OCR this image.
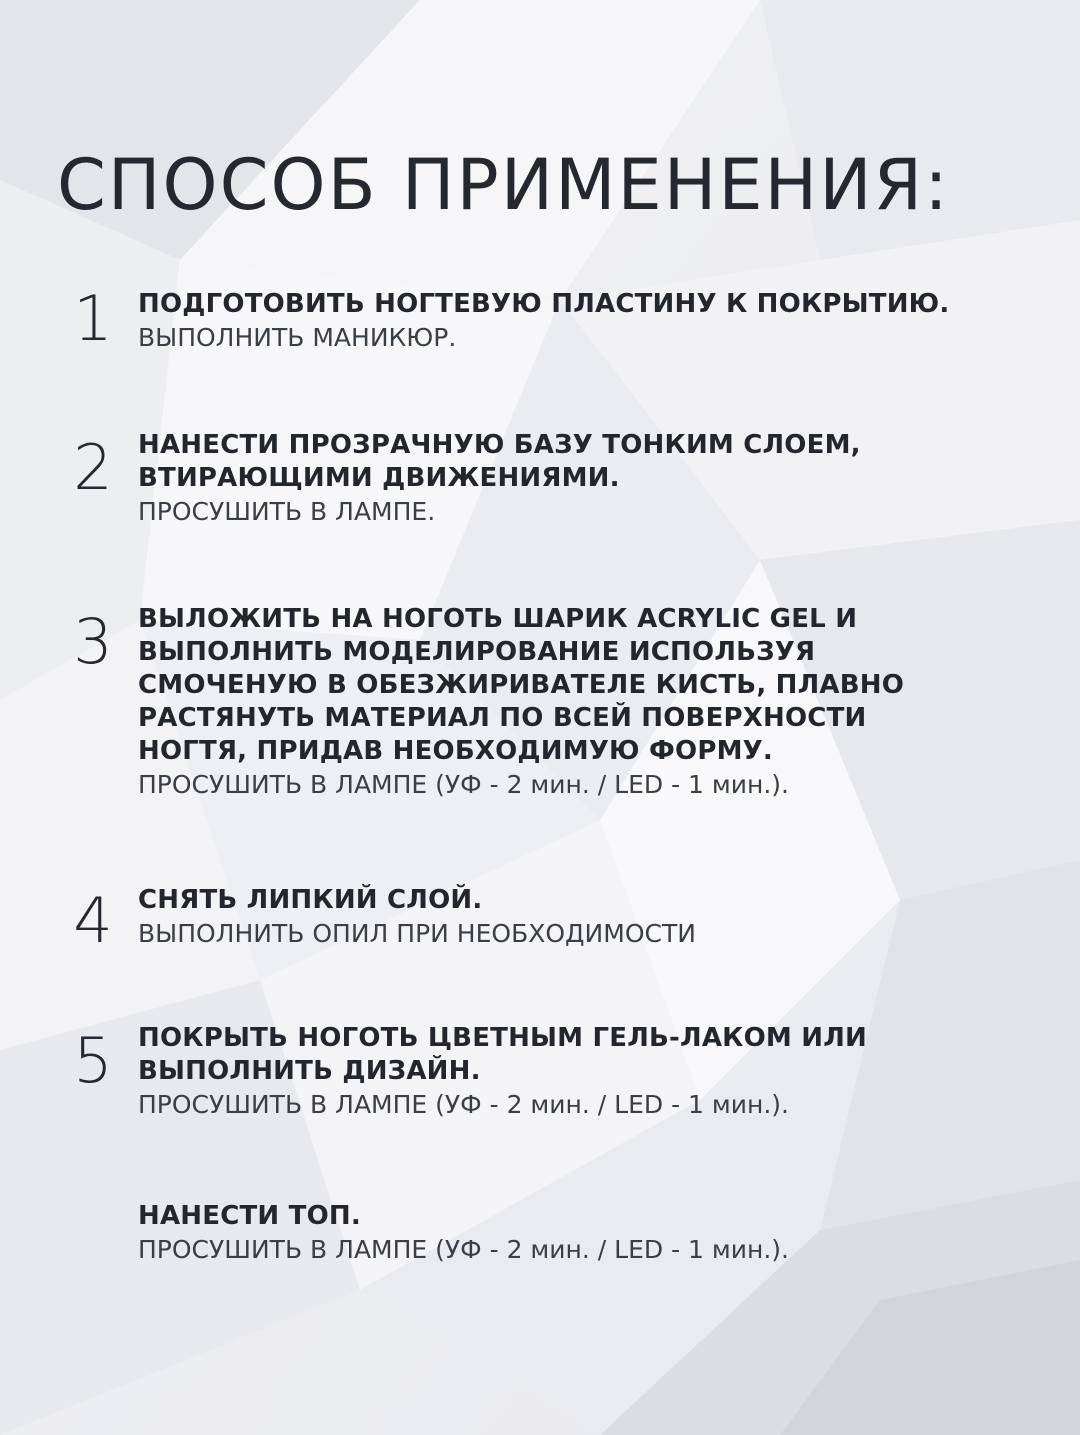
СПОСОБ ПРИМЕНЕНИЯ:
1 ПОДГОТОВИТЬ НОГТЕВУЮ ПЛАСТИНУ К ПОКРЫТИЮ.
ВЫПОЛНИТЬ МАНИКЮР.
2 НАНЕСТИ ПРОЗРАЧНУЮ БАЗУ ТОНКИМ СЛОЕМ,
ВТИРАЮЩИМИ ДВИЖЕНИЯМИ.
ПРОСУШИТЬ В ЛАМПЕ.
3 ВЫЛОЖИТЬ НА НОГОТЬ ШАРИК ACRYLIC GEL И
ВЫПОЛНИТЬ МОДЕЛИРОВАНИЕ ИСПОЛЬЗУЯ
СМОЧЕНУЮ В ОБЕЗЖИРИВАТЕЛЕ КИСТЬ, ПЛАВНО
РАСТЯНУТЬ МАТЕРИАЛ ПО ВСЕЙ ПОВЕРХНОСТИ
НОГТЯ, ПРИДАВ НЕОБХОДИМУЮ ФОРМУ.
ПРОСУШИТЬ В ЛАМПЕ (УФ - 2 мин. / LED - 1 мин.).
4 СНЯТЬ ЛИПКИЙ СЛОЙ.
ВЫПОЛНИТЬ ОПИЛ ПРИ НЕОБХОДИМОСТИ
5 ПОКРЫТЬ НОГОТЬ ЦВЕТНЫМ ГЕЛЬ-ЛАКОМ ИЛИ
ВЫПОЛНИТЬ ДИЗАЙН.
ПРОСУШИТЬ В ЛАМПЕ (УФ - 2 мин. / LED - 1 мин.).
НАНЕСТИ ТОП.
ПРОСУШИТЬ В ЛАМПЕ (УФ - 2 мин. / LED - 1 мин.).
